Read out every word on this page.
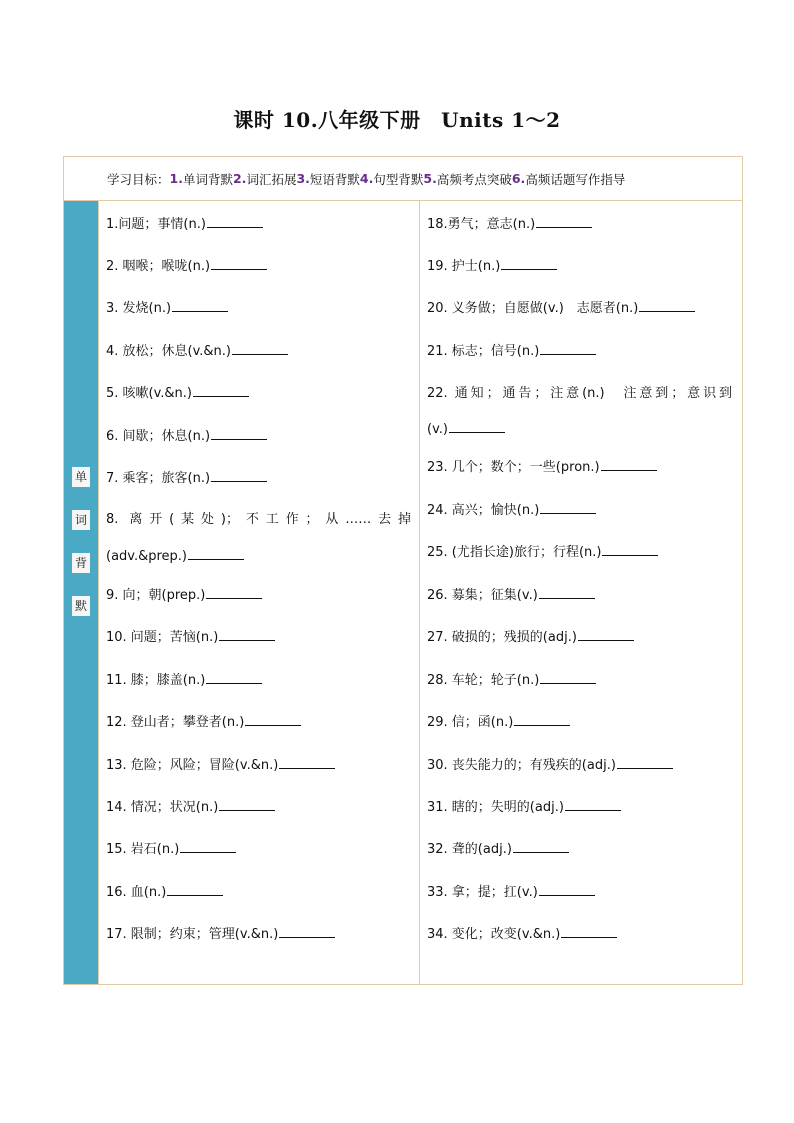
课时 10.八年级下册　Units 1～2
学习目标： 1. 单词背默 2. 词汇拓展 3. 短语背默 4. 句型背默 5. 高频考点突破 6. 高频话题写作指导
单
词
背
默
1.问题；事情(n.)
2. 咽喉；喉咙(n.)
3. 发烧(n.)
4. 放松；休息(v.&n.)
5. 咳嗽(v.&n.)
6. 间歇；休息(n.)
7. 乘客；旅客(n.)
8. 离开(某处)；不工作；从……去掉
(adv.&prep.)
9. 向；朝(prep.)
10. 问题；苦恼(n.)
11. 膝；膝盖(n.)
12. 登山者；攀登者(n.)
13. 危险；风险；冒险(v.&n.)
14. 情况；状况(n.)
15. 岩石(n.)
16. 血(n.)
17. 限制；约束；管理(v.&n.)
18.勇气；意志(n.)
19. 护士(n.)
20. 义务做；自愿做(v.)　志愿者(n.)
21. 标志；信号(n.)
22. 通知；通告；注意(n.)　注意到；意识到
(v.)
23. 几个；数个；一些(pron.)
24. 高兴；愉快(n.)
25. (尤指长途)旅行；行程(n.)
26. 募集；征集(v.)
27. 破损的；残损的(adj.)
28. 车轮；轮子(n.)
29. 信；函(n.)
30. 丧失能力的；有残疾的(adj.)
31. 瞎的；失明的(adj.)
32. 聋的(adj.)
33. 拿；提；扛(v.)
34. 变化；改变(v.&n.)
